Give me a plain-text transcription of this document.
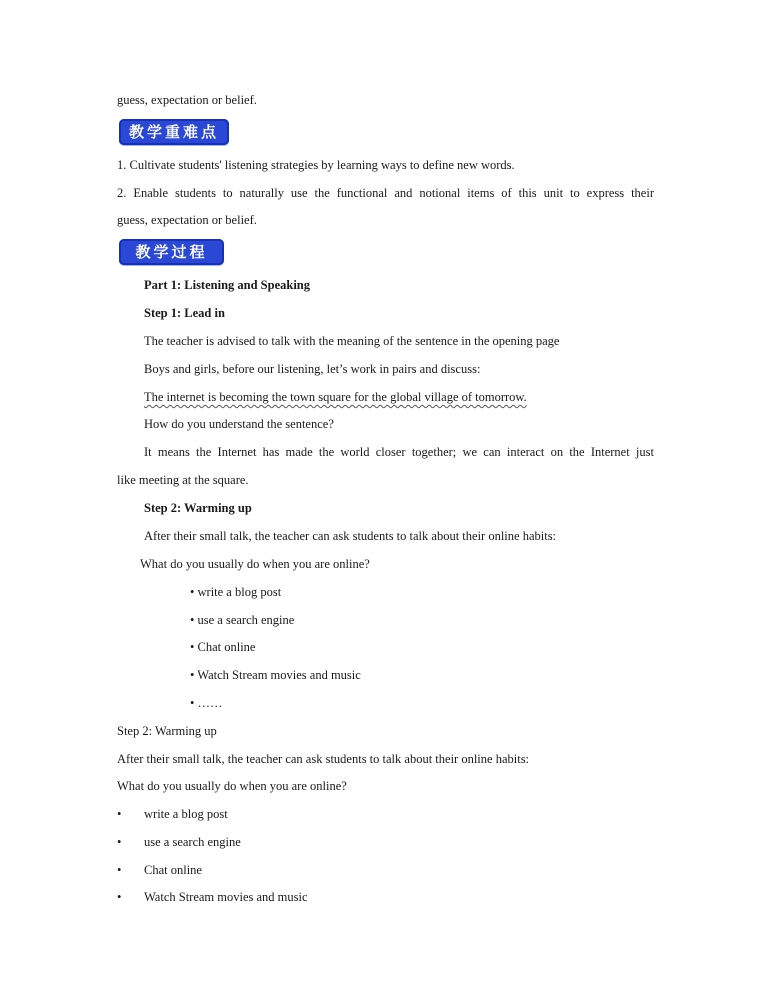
guess, expectation or belief.
教学重难点
1. Cultivate students' listening strategies by learning ways to define new words.
2. Enable students to naturally use the functional and notional items of this unit to express their
guess, expectation or belief.
教学过程
Part 1: Listening and Speaking
Step 1: Lead in
The teacher is advised to talk with the meaning of the sentence in the opening page
Boys and girls, before our listening, let’s work in pairs and discuss:
The internet is becoming the town square for the global village of tomorrow.
How do you understand the sentence?
It means the Internet has made the world closer together; we can interact on the Internet just
like meeting at the square.
Step 2: Warming up
After their small talk, the teacher can ask students to talk about their online habits:
What do you usually do when you are online?
• write a blog post
• use a search engine
• Chat online
• Watch Stream movies and music
• ……
Step 2: Warming up
After their small talk, the teacher can ask students to talk about their online habits:
What do you usually do when you are online?
• write a blog post
• use a search engine
• Chat online
• Watch Stream movies and music
